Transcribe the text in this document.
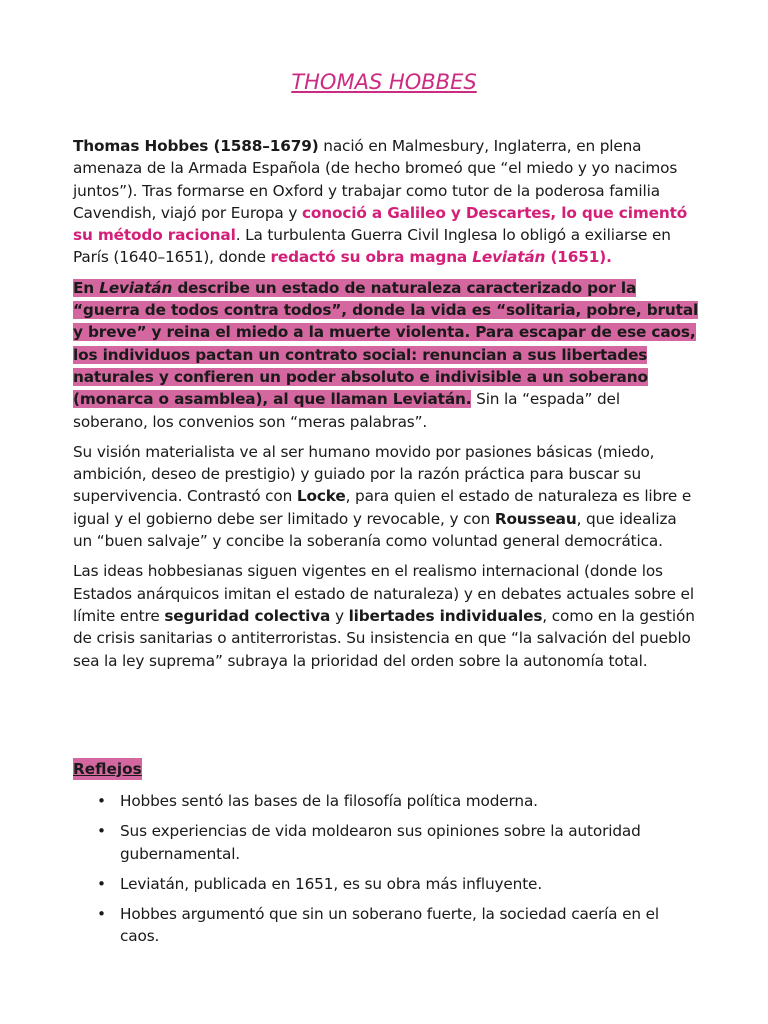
THOMAS HOBBES

Thomas Hobbes (1588–1679) nació en Malmesbury, Inglaterra, en plena amenaza de la Armada Española (de hecho bromeó que “el miedo y yo nacimos juntos”). Tras formarse en Oxford y trabajar como tutor de la poderosa familia Cavendish, viajó por Europa y conoció a Galileo y Descartes, lo que cimentó su método racional. La turbulenta Guerra Civil Inglesa lo obligó a exiliarse en París (1640–1651), donde redactó su obra magna Leviatán (1651).

En Leviatán describe un estado de naturaleza caracterizado por la “guerra de todos contra todos”, donde la vida es “solitaria, pobre, brutal y breve” y reina el miedo a la muerte violenta. Para escapar de ese caos, los individuos pactan un contrato social: renuncian a sus libertades naturales y confieren un poder absoluto e indivisible a un soberano (monarca o asamblea), al que llaman Leviatán. Sin la “espada” del soberano, los convenios son “meras palabras”.

Su visión materialista ve al ser humano movido por pasiones básicas (miedo, ambición, deseo de prestigio) y guiado por la razón práctica para buscar su supervivencia. Contrastó con Locke, para quien el estado de naturaleza es libre e igual y el gobierno debe ser limitado y revocable, y con Rousseau, que idealiza un “buen salvaje” y concibe la soberanía como voluntad general democrática.

Las ideas hobbesianas siguen vigentes en el realismo internacional (donde los Estados anárquicos imitan el estado de naturaleza) y en debates actuales sobre el límite entre seguridad colectiva y libertades individuales, como en la gestión de crisis sanitarias o antiterroristas. Su insistencia en que “la salvación del pueblo sea la ley suprema” subraya la prioridad del orden sobre la autonomía total.

Reflejos
• Hobbes sentó las bases de la filosofía política moderna.
• Sus experiencias de vida moldearon sus opiniones sobre la autoridad gubernamental.
• Leviatán, publicada en 1651, es su obra más influyente.
• Hobbes argumentó que sin un soberano fuerte, la sociedad caería en el caos.
